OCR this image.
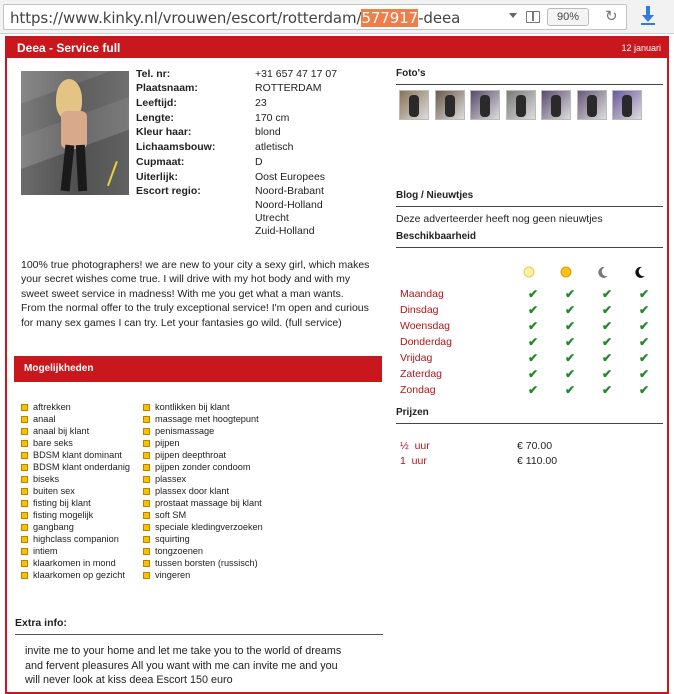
https://www.kinky.nl/vrouwen/escort/rotterdam/577917-deea	90%	↻
Deea - Service full	12 januari
Tel. nr:	+31 657 47 17 07
Plaatsnaam:	ROTTERDAM
Leeftijd:	23
Lengte:	170 cm
Kleur haar:	blond
Lichaamsbouw:	atletisch
Cupmaat:	D
Uiterlijk:	Oost Europees
Escort regio:	Noord-Brabant
Noord-Holland
Utrecht
Zuid-Holland
100% true photographers! we are new to your city a sexy girl, which makes your secret wishes come true. I will drive with my hot body and with my sweet sweet service in madness! With me you get what a man wants. From the normal offer to the truly exceptional service! I'm open and curious for many sex games I can try. Let your fantasies go wild. (full service)
Mogelijkheden
aftrekken
anaal
anaal bij klant
bare seks
BDSM klant dominant
BDSM klant onderdanig
biseks
buiten sex
fisting bij klant
fisting mogelijk
gangbang
highclass companion
intiem
klaarkomen in mond
klaarkomen op gezicht
kontlikken bij klant
massage met hoogtepunt
penismassage
pijpen
pijpen deepthroat
pijpen zonder condoom
plassex
plassex door klant
prostaat massage bij klant
soft SM
speciale kledingverzoeken
squirting
tongzoenen
tussen borsten (russisch)
vingeren
Extra info:
invite me to your home and let me take you to the world of dreams and fervent pleasures All you want with me can invite me and you will never look at kiss deea Escort 150 euro
Foto's
Blog / Nieuwtjes
Deze adverteerder heeft nog geen nieuwtjes
Beschikbaarheid
Maandag	✔ ✔ ✔ ✔
Dinsdag	✔ ✔ ✔ ✔
Woensdag	✔ ✔ ✔ ✔
Donderdag	✔ ✔ ✔ ✔
Vrijdag	✔ ✔ ✔ ✔
Zaterdag	✔ ✔ ✔ ✔
Zondag	✔ ✔ ✔ ✔
Prijzen
½  uur	€ 70.00
1  uur	€ 110.00
